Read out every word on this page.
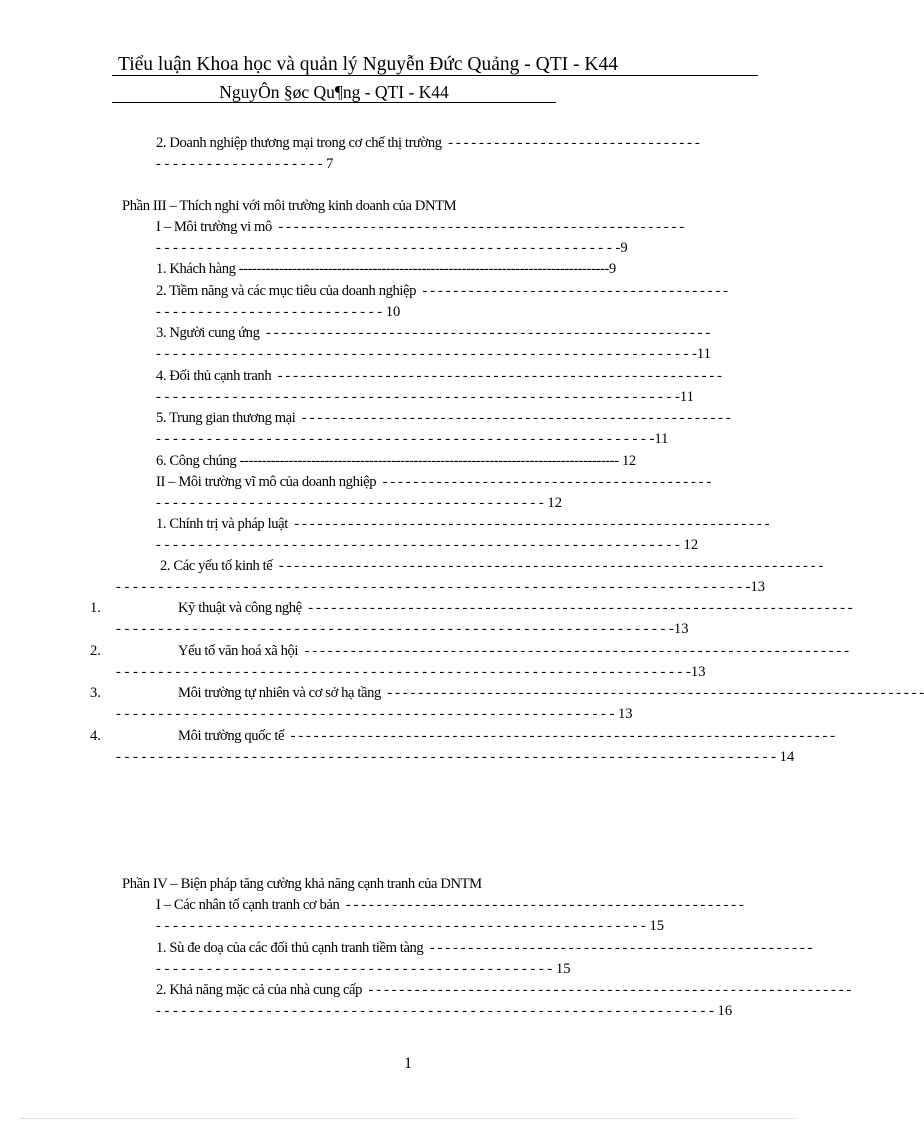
Tiểu luận Khoa học và quản lý Nguyễn Đức Quảng - QTI - K44
NguyÔn §øc Qu¶ng - QTI - K44
2. Doanh nghiệp thương mại trong cơ chế thị trường  - - - - - - - - - - - - - - - - - - - - - - - - - - - - - - - - -
- - - - - - - - - - - - - - - - - - - - 7
Phần III – Thích nghi với môi trường kinh doanh của DNTM
I – Môi trường vi mô  - - - - - - - - - - - - - - - - - - - - - - - - - - - - - - - - - - - - - - - - - - - - - - - - - - - - -
- - - - - - - - - - - - - - - - - - - - - - - - - - - - - - - - - - - - - - - - - - - - - - - - - - - - - - -9
1. Khách hàng -----------------------------------------------------------------------------------9
2. Tiềm năng và các mục tiêu của doanh nghiệp  - - - - - - - - - - - - - - - - - - - - - - - - - - - - - - - - - - - - - - - -
- - - - - - - - - - - - - - - - - - - - - - - - - - - 10
3. Người cung ứng  - - - - - - - - - - - - - - - - - - - - - - - - - - - - - - - - - - - - - - - - - - - - - - - - - - - - - - - - - -
- - - - - - - - - - - - - - - - - - - - - - - - - - - - - - - - - - - - - - - - - - - - - - - - - - - - - - - - - - - - - - - -11
4. Đối thủ cạnh tranh  - - - - - - - - - - - - - - - - - - - - - - - - - - - - - - - - - - - - - - - - - - - - - - - - - - - - - - - - - -
- - - - - - - - - - - - - - - - - - - - - - - - - - - - - - - - - - - - - - - - - - - - - - - - - - - - - - - - - - - - - -11
5. Trung gian thương mại  - - - - - - - - - - - - - - - - - - - - - - - - - - - - - - - - - - - - - - - - - - - - - - - - - - - - - - - -
- - - - - - - - - - - - - - - - - - - - - - - - - - - - - - - - - - - - - - - - - - - - - - - - - - - - - - - - - - -11
6. Công chúng ------------------------------------------------------------------------------------- 12
II – Môi trường vĩ mô của doanh nghiệp  - - - - - - - - - - - - - - - - - - - - - - - - - - - - - - - - - - - - - - - - - - -
- - - - - - - - - - - - - - - - - - - - - - - - - - - - - - - - - - - - - - - - - - - - - - 12
1. Chính trị và pháp luật  - - - - - - - - - - - - - - - - - - - - - - - - - - - - - - - - - - - - - - - - - - - - - - - - - - - - - - - - - - - - - -
- - - - - - - - - - - - - - - - - - - - - - - - - - - - - - - - - - - - - - - - - - - - - - - - - - - - - - - - - - - - - - 12
2. Các yếu tố kinh tế  - - - - - - - - - - - - - - - - - - - - - - - - - - - - - - - - - - - - - - - - - - - - - - - - - - - - - - - - - - - - - - - - - - - - - - -
- - - - - - - - - - - - - - - - - - - - - - - - - - - - - - - - - - - - - - - - - - - - - - - - - - - - - - - - - - - - - - - - - - - - - - - - - - -13
1.	Kỹ thuật và công nghệ  - - - - - - - - - - - - - - - - - - - - - - - - - - - - - - - - - - - - - - - - - - - - - - - - - - - - - - - - - - - - - - - - - - - - - - -
- - - - - - - - - - - - - - - - - - - - - - - - - - - - - - - - - - - - - - - - - - - - - - - - - - - - - - - - - - - - - - - - - -13
2.	Yếu tố văn hoá xã hội  - - - - - - - - - - - - - - - - - - - - - - - - - - - - - - - - - - - - - - - - - - - - - - - - - - - - - - - - - - - - - - - - - - - - - - -
- - - - - - - - - - - - - - - - - - - - - - - - - - - - - - - - - - - - - - - - - - - - - - - - - - - - - - - - - - - - - - - - - - - -13
3.	Môi trường tự nhiên và cơ sở hạ tầng  - - - - - - - - - - - - - - - - - - - - - - - - - - - - - - - - - - - - - - - - - - - - - - - - - - - - - - - - - - - - - - - - - - - - - -
- - - - - - - - - - - - - - - - - - - - - - - - - - - - - - - - - - - - - - - - - - - - - - - - - - - - - - - - - - - 13
4.	Môi trường quốc tế  - - - - - - - - - - - - - - - - - - - - - - - - - - - - - - - - - - - - - - - - - - - - - - - - - - - - - - - - - - - - - - - - - - - - - - -
- - - - - - - - - - - - - - - - - - - - - - - - - - - - - - - - - - - - - - - - - - - - - - - - - - - - - - - - - - - - - - - - - - - - - - - - - - - - - - 14
Phần IV – Biện pháp tăng cường khả năng cạnh tranh của DNTM
I – Các nhân tố cạnh tranh cơ bản  - - - - - - - - - - - - - - - - - - - - - - - - - - - - - - - - - - - - - - - - - - - - - - - - - - - -
- - - - - - - - - - - - - - - - - - - - - - - - - - - - - - - - - - - - - - - - - - - - - - - - - - - - - - - - - - 15
1. Sù đe doạ của các đối thủ cạnh tranh tiềm tàng  - - - - - - - - - - - - - - - - - - - - - - - - - - - - - - - - - - - - - - - - - - - - - - - - - -
- - - - - - - - - - - - - - - - - - - - - - - - - - - - - - - - - - - - - - - - - - - - - - - 15
2. Khả năng mặc cả của nhà cung cấp  - - - - - - - - - - - - - - - - - - - - - - - - - - - - - - - - - - - - - - - - - - - - - - - - - - - - - - - - - - - - - - -
- - - - - - - - - - - - - - - - - - - - - - - - - - - - - - - - - - - - - - - - - - - - - - - - - - - - - - - - - - - - - - - - - - 16
1
